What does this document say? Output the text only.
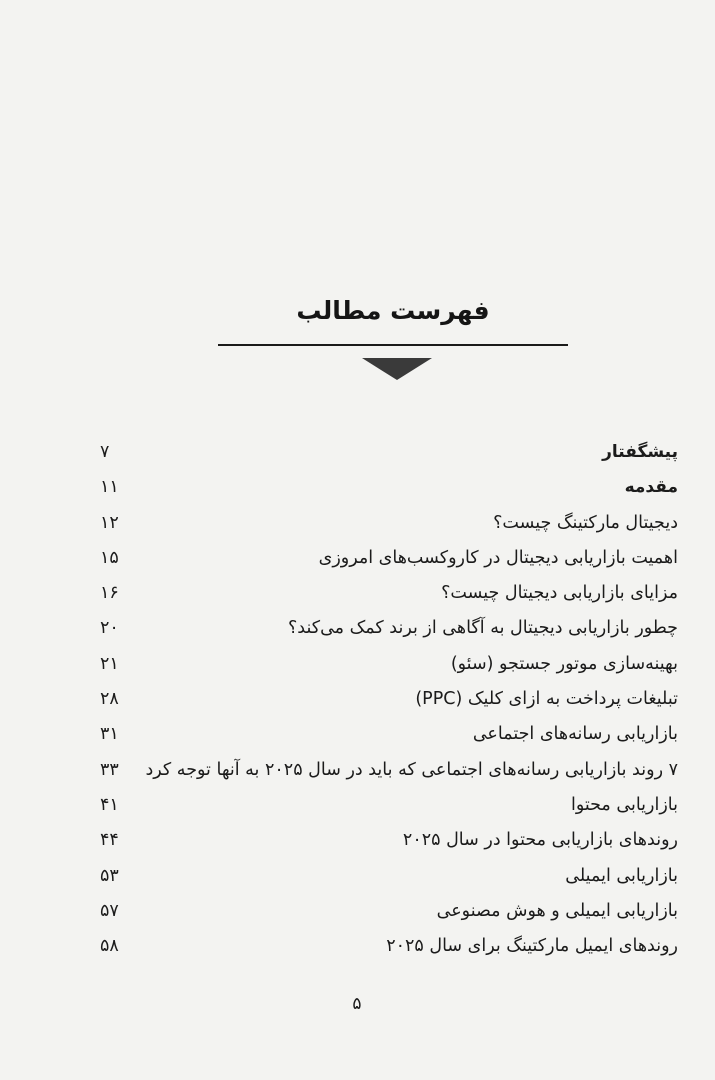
فهرست مطالب
پیشگفتار
۷
مقدمه
۱۱
دیجیتال مارکتینگ چیست؟
۱۲
اهمیت بازاریابی دیجیتال در کاروکسب‌های امروزی
۱۵
مزایای بازاریابی دیجیتال چیست؟
۱۶
چطور بازاریابی دیجیتال به آگاهی از برند کمک می‌کند؟
۲۰
بهینه‌سازی موتور جستجو (سئو)
۲۱
تبلیغات پرداخت به ازای کلیک (PPC)
۲۸
بازاریابی رسانه‌های اجتماعی
۳۱
۷ روند بازاریابی رسانه‌های اجتماعی که باید در سال ۲۰۲۵ به آنها توجه کرد
۳۳
بازاریابی محتوا
۴۱
روندهای بازاریابی محتوا در سال ۲۰۲۵
۴۴
بازاریابی ایمیلی
۵۳
بازاریابی ایمیلی و هوش مصنوعی
۵۷
روندهای ایمیل مارکتینگ برای سال ۲۰۲۵
۵۸
۵
